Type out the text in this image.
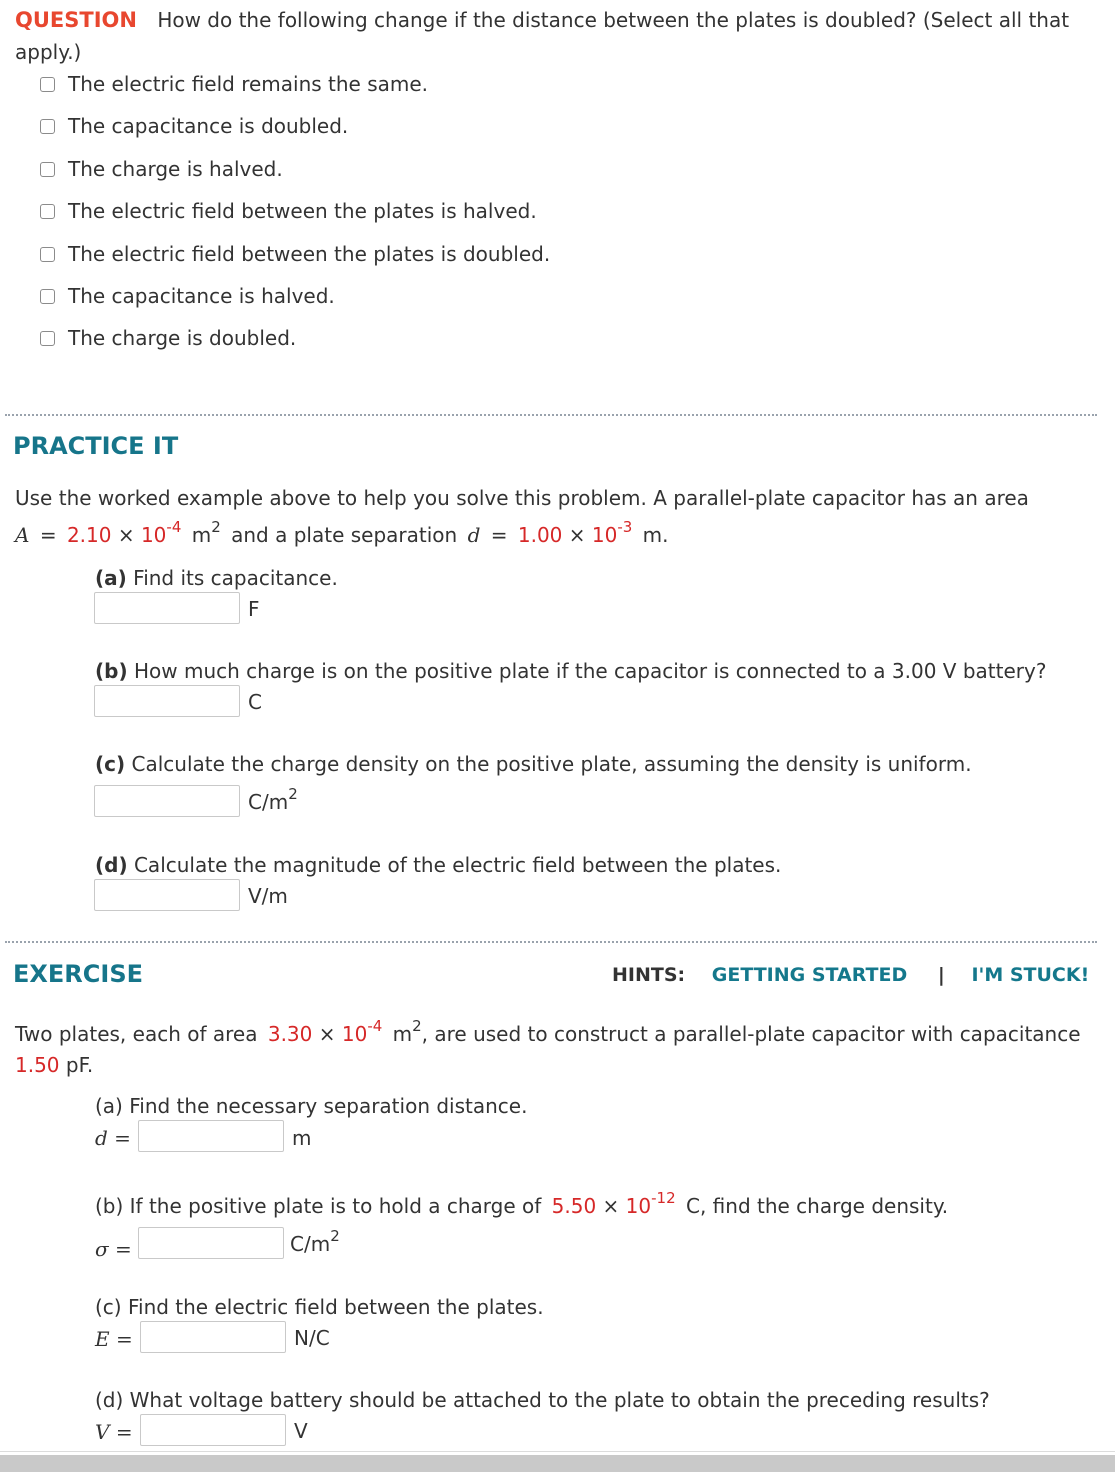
QUESTION How do the following change if the distance between the plates is doubled? (Select all that
apply.)
The electric field remains the same.
The capacitance is doubled.
The charge is halved.
The electric field between the plates is halved.
The electric field between the plates is doubled.
The capacitance is halved.
The charge is doubled.
PRACTICE IT
Use the worked example above to help you solve this problem. A parallel-plate capacitor has an area
$A = 2.10 \times 10^{-4}$ $m^2$ and a plate separation $d = 1.00 \times 10^{-3}$ m.
(a) Find its capacitance.
F
(b) How much charge is on the positive plate if the capacitor is connected to a 3.00 V battery?
C
(c) Calculate the charge density on the positive plate, assuming the density is uniform.
$C/m^2$
(d) Calculate the magnitude of the electric field between the plates.
V/m
EXERCISE	HINTS: GETTING STARTED | I'M STUCK!
Two plates, each of area $3.30 \times 10^{-4}$ $m^2$, are used to construct a parallel-plate capacitor with capacitance
1.50 pF.
(a) Find the necessary separation distance.
d =	m
(b) If the positive plate is to hold a charge of $5.50 \times 10^{-12}$ C, find the charge density.
σ =	$C/m^2$
(c) Find the electric field between the plates.
E =	N/C
(d) What voltage battery should be attached to the plate to obtain the preceding results?
V =	V
